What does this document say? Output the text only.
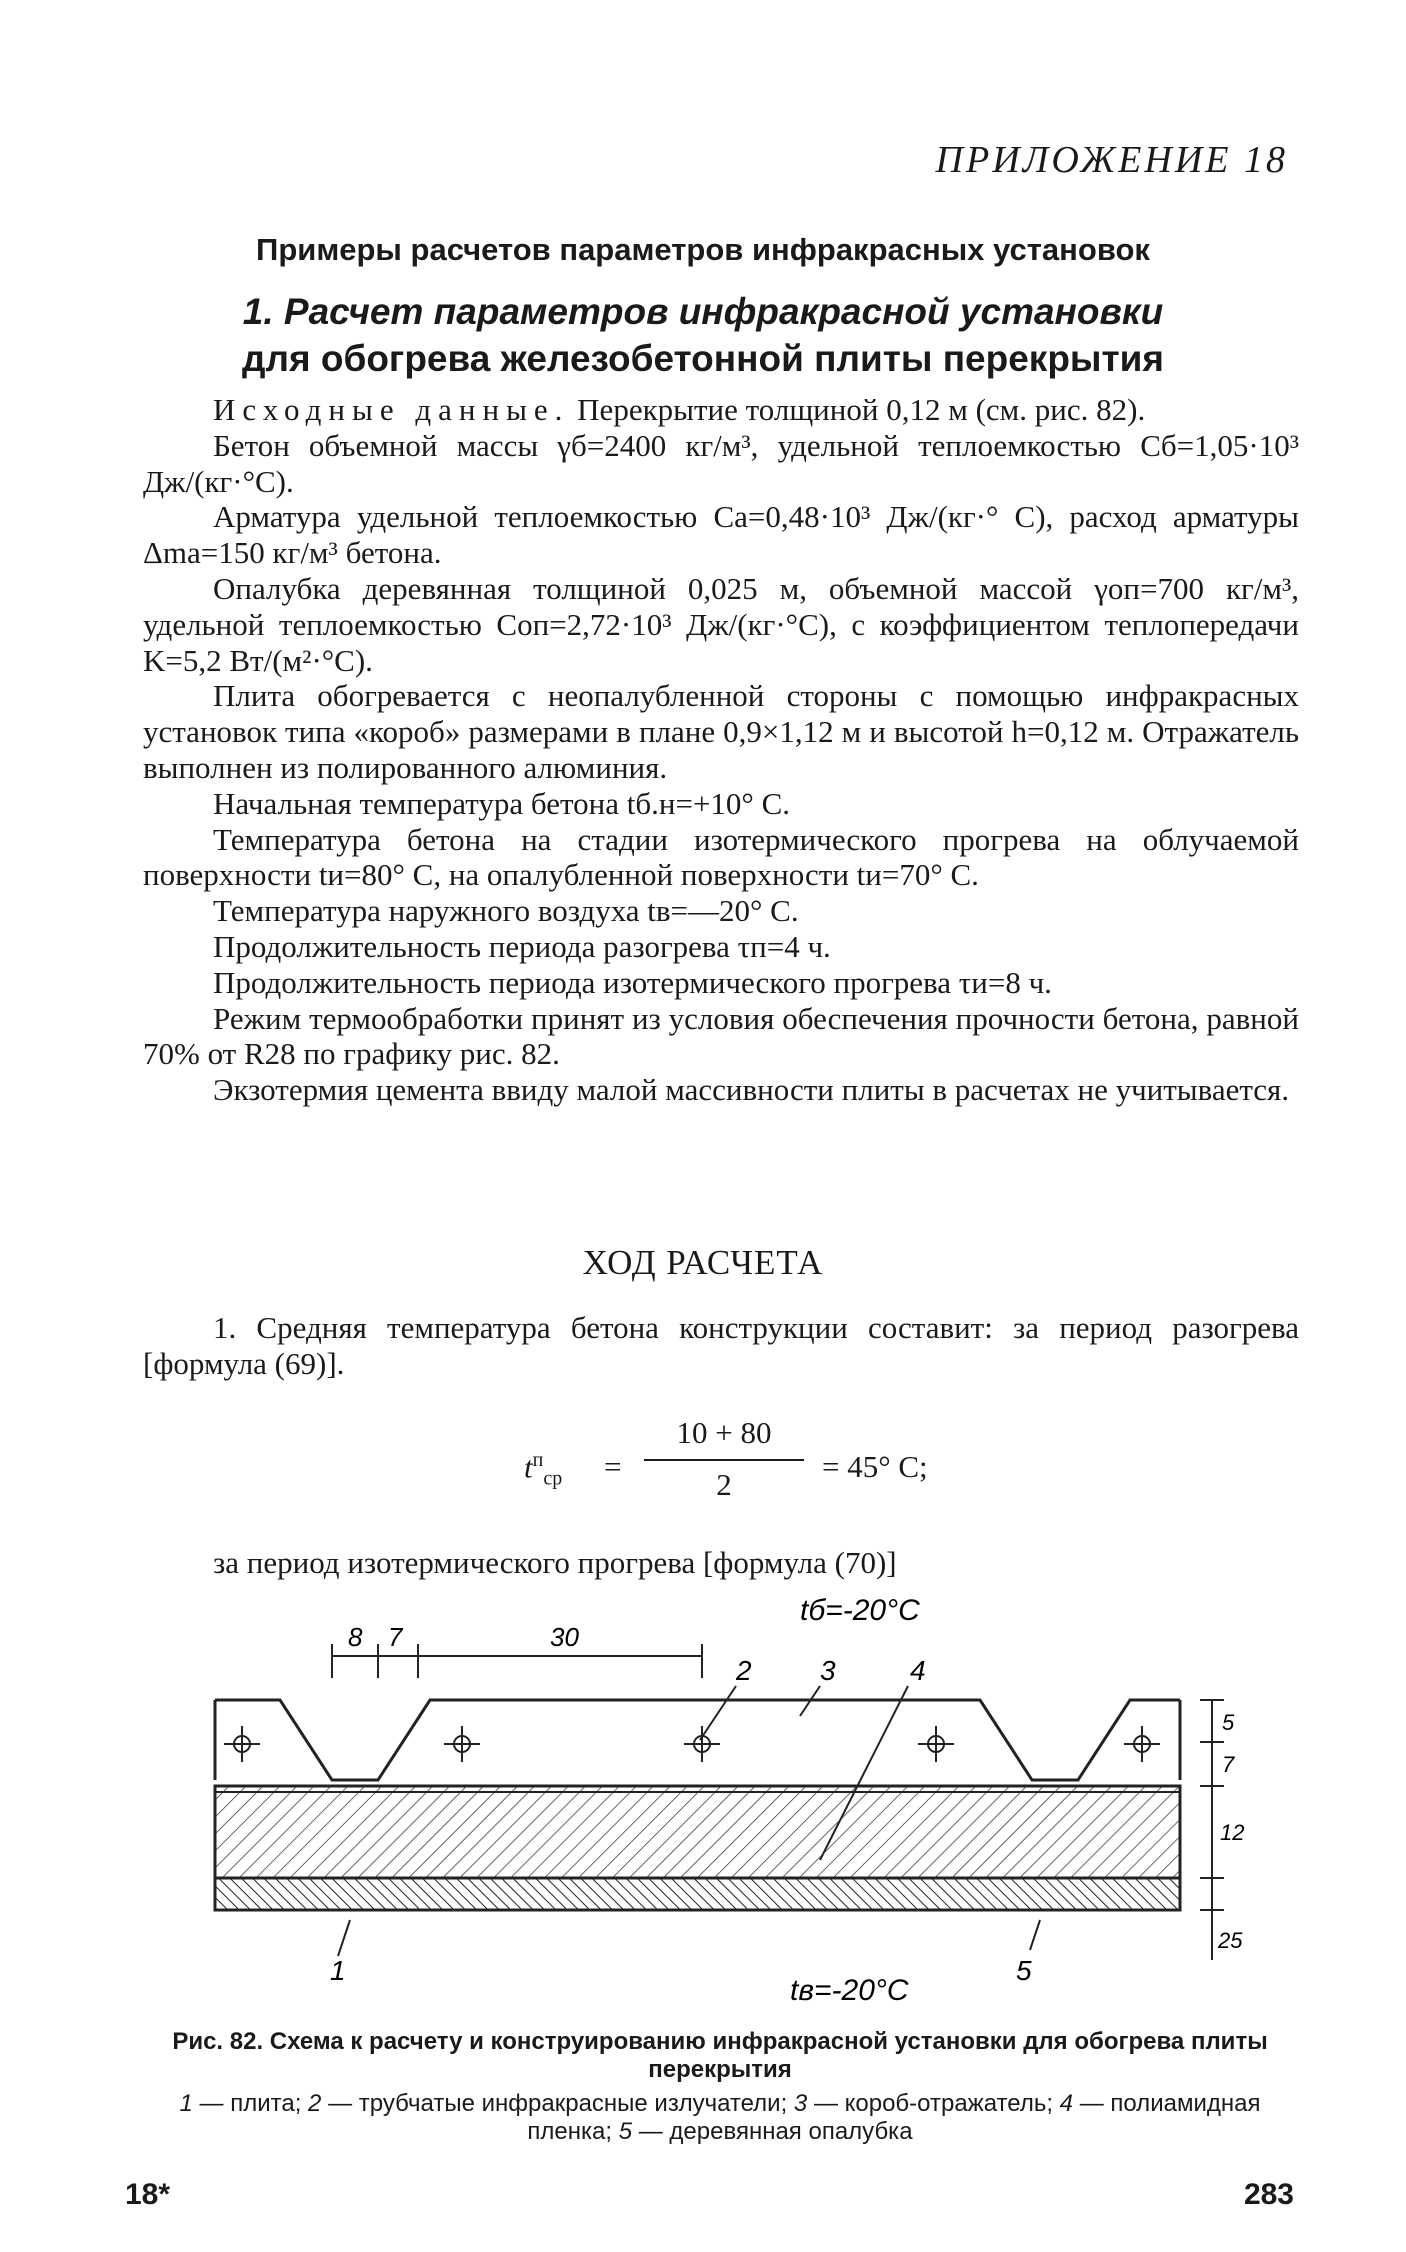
ПРИЛОЖЕНИЕ 18
Примеры расчетов параметров инфракрасных установок
1. Расчет параметров инфракрасной установки
для обогрева железобетонной плиты перекрытия

Исходные данные. Перекрытие толщиной 0,12 м (см. рис. 82).

Бетон объемной массы γб=2400 кг/м³, удельной теплоемкостью Cб=1,05·10³ Дж/(кг·°С).

Арматура удельной теплоемкостью Cа=0,48·10³ Дж/(кг·° С), расход арматуры Δmа=150 кг/м³ бетона.

Опалубка деревянная толщиной 0,025 м, объемной массой γоп=700 кг/м³, удельной теплоемкостью Cоп=2,72·10³ Дж/(кг·°С), с коэффициентом теплопередачи K=5,2 Вт/(м²·°С).

Плита обогревается с неопалубленной стороны с помощью инфракрасных установок типа «короб» размерами в плане 0,9×1,12 м и высотой h=0,12 м. Отражатель выполнен из полированного алюминия.

Начальная температура бетона tб.н=+10° С.

Температура бетона на стадии изотермического прогрева на облучаемой поверхности tи=80° С, на опалубленной поверхности tи=70° С.

Температура наружного воздуха tв=—20° С.

Продолжительность периода разогрева τп=4 ч.

Продолжительность периода изотермического прогрева τи=8 ч.

Режим термообработки принят из условия обеспечения прочности бетона, равной 70% от R28 по графику рис. 82.

Экзотермия цемента ввиду малой массивности плиты в расчетах не учитывается.

ХОД РАСЧЕТА

1. Средняя температура бетона конструкции составит: за период разогрева [формула (69)].

$t^п_{ср}$ =
10 + 80
2
= 45° С;
за период изотермического прогрева [формула (70)]
tб=-20°С
tв=-20°С
8 7	30
2 3	4
1	5
5
7
12
25
Рис. 82. Схема к расчету и конструированию инфракрасной установки для обогрева плиты перекрытия
1 — плита; 2 — трубчатые инфракрасные излучатели; 3 — короб-отражатель; 4 — полиамидная пленка; 5 — деревянная опалубка
18*	283
